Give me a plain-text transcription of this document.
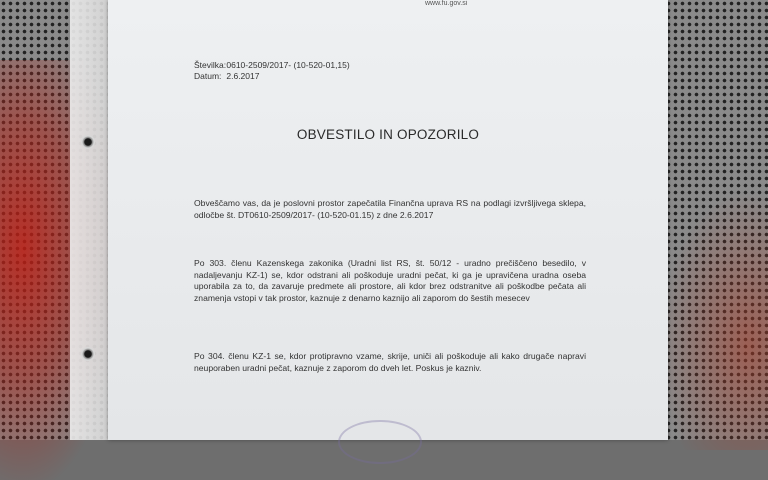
www.fu.gov.si
Številka: 0610-2509/2017- (10-520-01,15)
Datum: 2.6.2017
OBVESTILO IN OPOZORILO
Obveščamo vas, da je poslovni prostor zapečatila Finančna uprava RS na podlagi izvršljivega sklepa, odločbe št. DT0610-2509/2017- (10-520-01.15) z dne 2.6.2017
Po 303. členu Kazenskega zakonika (Uradni list RS, št. 50/12 - uradno prečiščeno besedilo, v nadaljevanju KZ-1) se, kdor odstrani ali poškoduje uradni pečat, ki ga je upravičena uradna oseba uporabila za to, da zavaruje predmete ali prostore, ali kdor brez odstranitve ali poškodbe pečata ali znamenja vstopi v tak prostor, kaznuje z denarno kaznijo ali zaporom do šestih mesecev
Po 304. členu KZ-1 se, kdor protipravno vzame, skrije, uniči ali poškoduje ali kako drugače napravi neuporaben uradni pečat, kaznuje z zaporom do dveh let. Poskus je kazniv.
